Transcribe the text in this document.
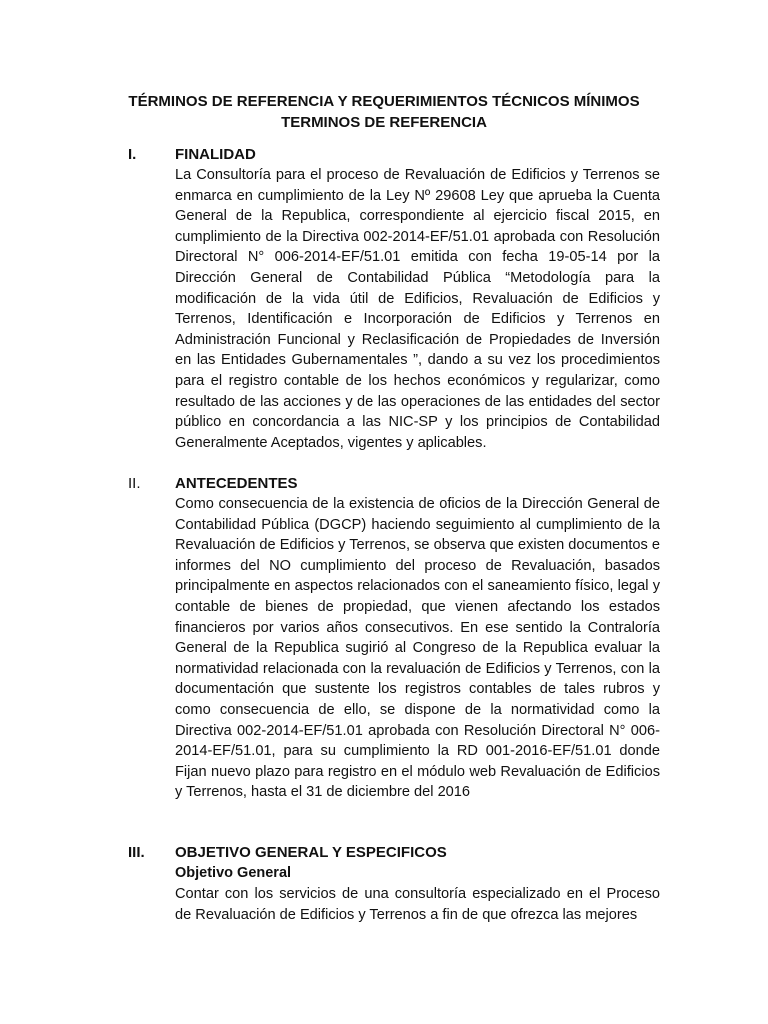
TÉRMINOS DE REFERENCIA Y REQUERIMIENTOS TÉCNICOS MÍNIMOS
TERMINOS DE REFERENCIA
I.	FINALIDAD

La Consultoría para el proceso de Revaluación de Edificios y Terrenos se enmarca en cumplimiento de la Ley Nº 29608 Ley que aprueba la Cuenta General de la Republica, correspondiente al ejercicio fiscal 2015, en cumplimiento de la Directiva 002-2014-EF/51.01 aprobada con Resolución Directoral N° 006-2014-EF/51.01 emitida con fecha 19-05-14 por la Dirección General de Contabilidad Pública “Metodología para la modificación de la vida útil de Edificios, Revaluación de Edificios y Terrenos, Identificación e Incorporación de Edificios y Terrenos en Administración Funcional y Reclasificación de Propiedades de Inversión en las Entidades Gubernamentales ”, dando a su vez los procedimientos para el registro contable de los hechos económicos y regularizar, como resultado de las acciones y de las operaciones de las entidades del sector público en concordancia a las NIC-SP y los principios de Contabilidad Generalmente Aceptados, vigentes y aplicables.

II. ANTECEDENTES

Como consecuencia de la existencia de oficios de la Dirección General de Contabilidad Pública (DGCP) haciendo seguimiento al cumplimiento de la Revaluación de Edificios y Terrenos, se observa que existen documentos e informes del NO cumplimiento del proceso de Revaluación, basados principalmente en aspectos relacionados con el saneamiento físico, legal y contable de bienes de propiedad, que vienen afectando los estados financieros por varios años consecutivos. En ese sentido la Contraloría General de la Republica sugirió al Congreso de la Republica evaluar la normatividad relacionada con la revaluación de Edificios y Terrenos, con la documentación que sustente los registros contables de tales rubros y como consecuencia de ello, se dispone de la normatividad como la Directiva 002-2014-EF/51.01 aprobada con Resolución Directoral N° 006-2014-EF/51.01, para su cumplimiento la RD 001-2016-EF/51.01 donde Fijan nuevo plazo para registro en el módulo web Revaluación de Edificios y Terrenos, hasta el 31 de diciembre del 2016

III. OBJETIVO GENERAL Y ESPECIFICOS
Objetivo General

Contar con los servicios de una consultoría especializado en el Proceso de Revaluación de Edificios y Terrenos a fin de que ofrezca las mejores
